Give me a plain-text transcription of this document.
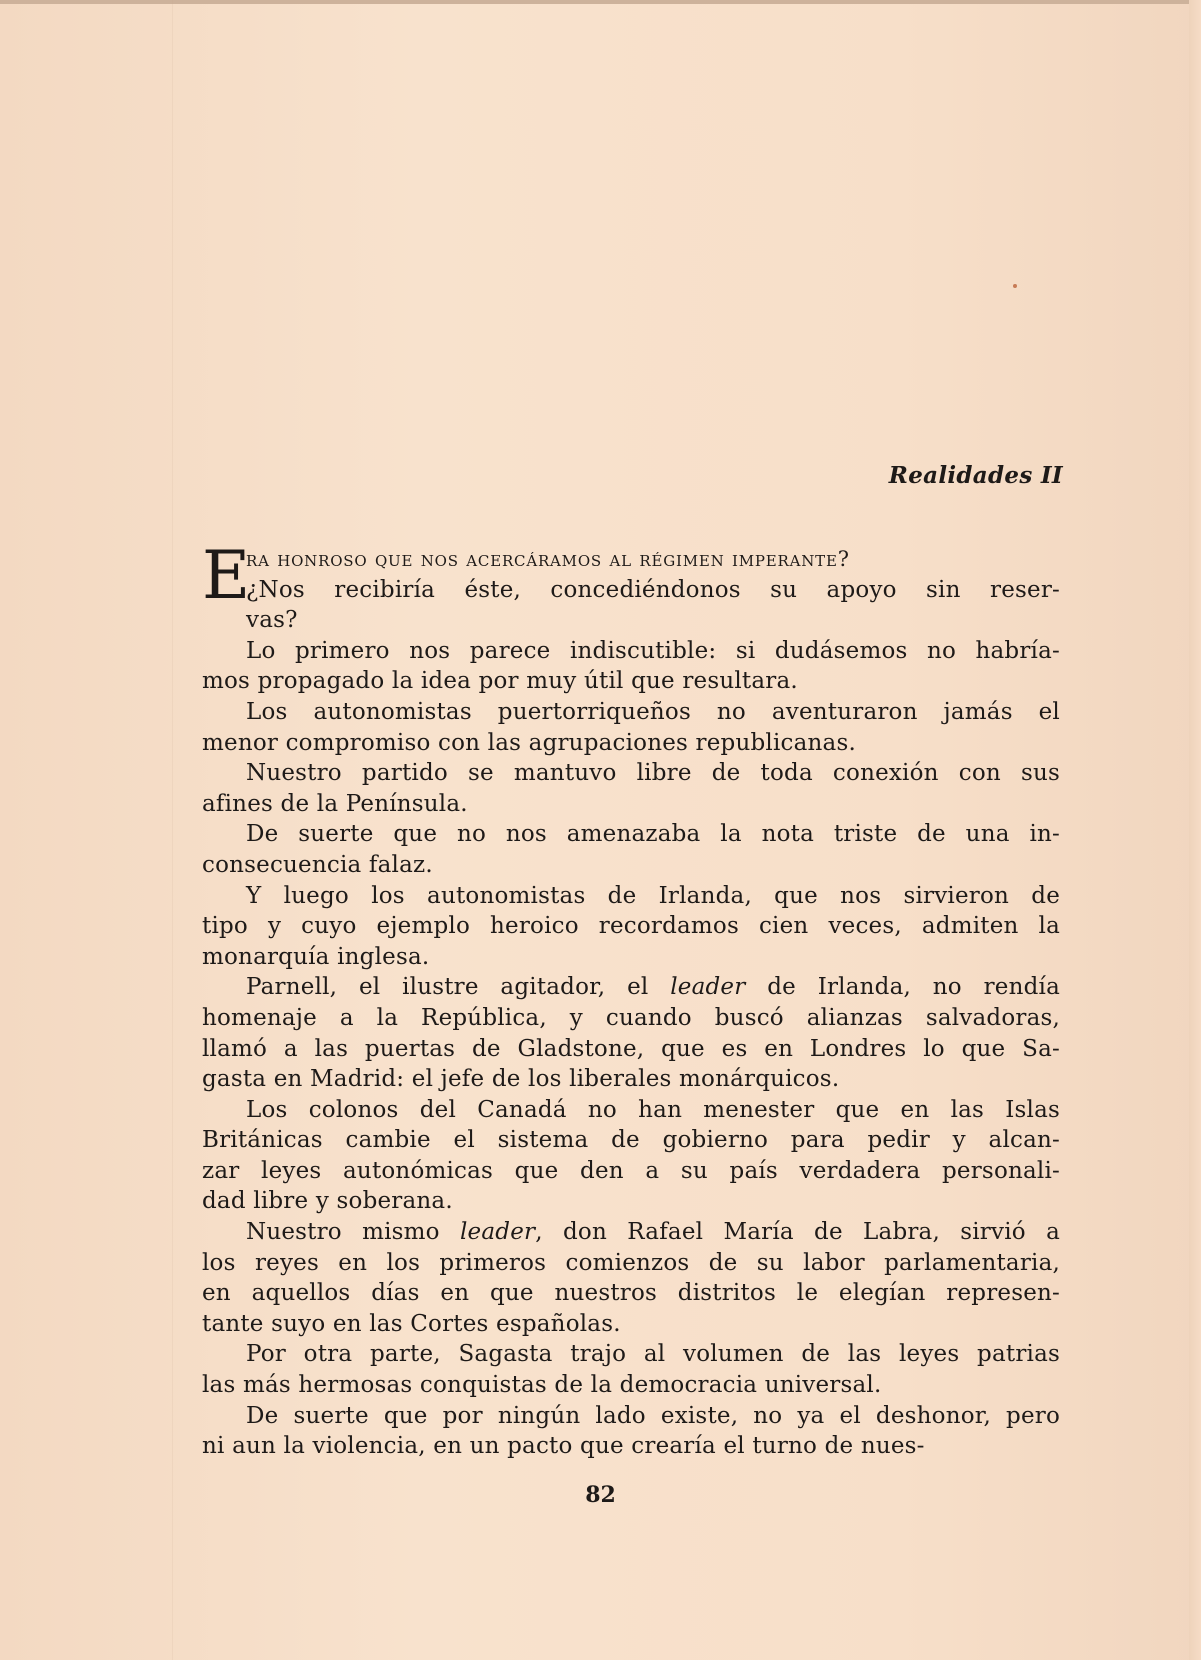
Realidades II
E
ra honroso que nos acercáramos al régimen imperante?
¿Nos recibiría éste, concediéndonos su apoyo sin reser-
vas?
Lo primero nos parece indiscutible: si dudásemos no habría-
mos propagado la idea por muy útil que resultara.
Los autonomistas puertorriqueños no aventuraron jamás el
menor compromiso con las agrupaciones republicanas.
Nuestro partido se mantuvo libre de toda conexión con sus
afines de la Península.
De suerte que no nos amenazaba la nota triste de una in-
consecuencia falaz.
Y luego los autonomistas de Irlanda, que nos sirvieron de
tipo y cuyo ejemplo heroico recordamos cien veces, admiten la
monarquía inglesa.
Parnell, el ilustre agitador, el leader de Irlanda, no rendía
homenaje a la República, y cuando buscó alianzas salvadoras,
llamó a las puertas de Gladstone, que es en Londres lo que Sa-
gasta en Madrid: el jefe de los liberales monárquicos.
Los colonos del Canadá no han menester que en las Islas
Británicas cambie el sistema de gobierno para pedir y alcan-
zar leyes autonómicas que den a su país verdadera personali-
dad libre y soberana.
Nuestro mismo leader, don Rafael María de Labra, sirvió a
los reyes en los primeros comienzos de su labor parlamentaria,
en aquellos días en que nuestros distritos le elegían represen-
tante suyo en las Cortes españolas.
Por otra parte, Sagasta trajo al volumen de las leyes patrias
las más hermosas conquistas de la democracia universal.
De suerte que por ningún lado existe, no ya el deshonor, pero
ni aun la violencia, en un pacto que crearía el turno de nues-
82
